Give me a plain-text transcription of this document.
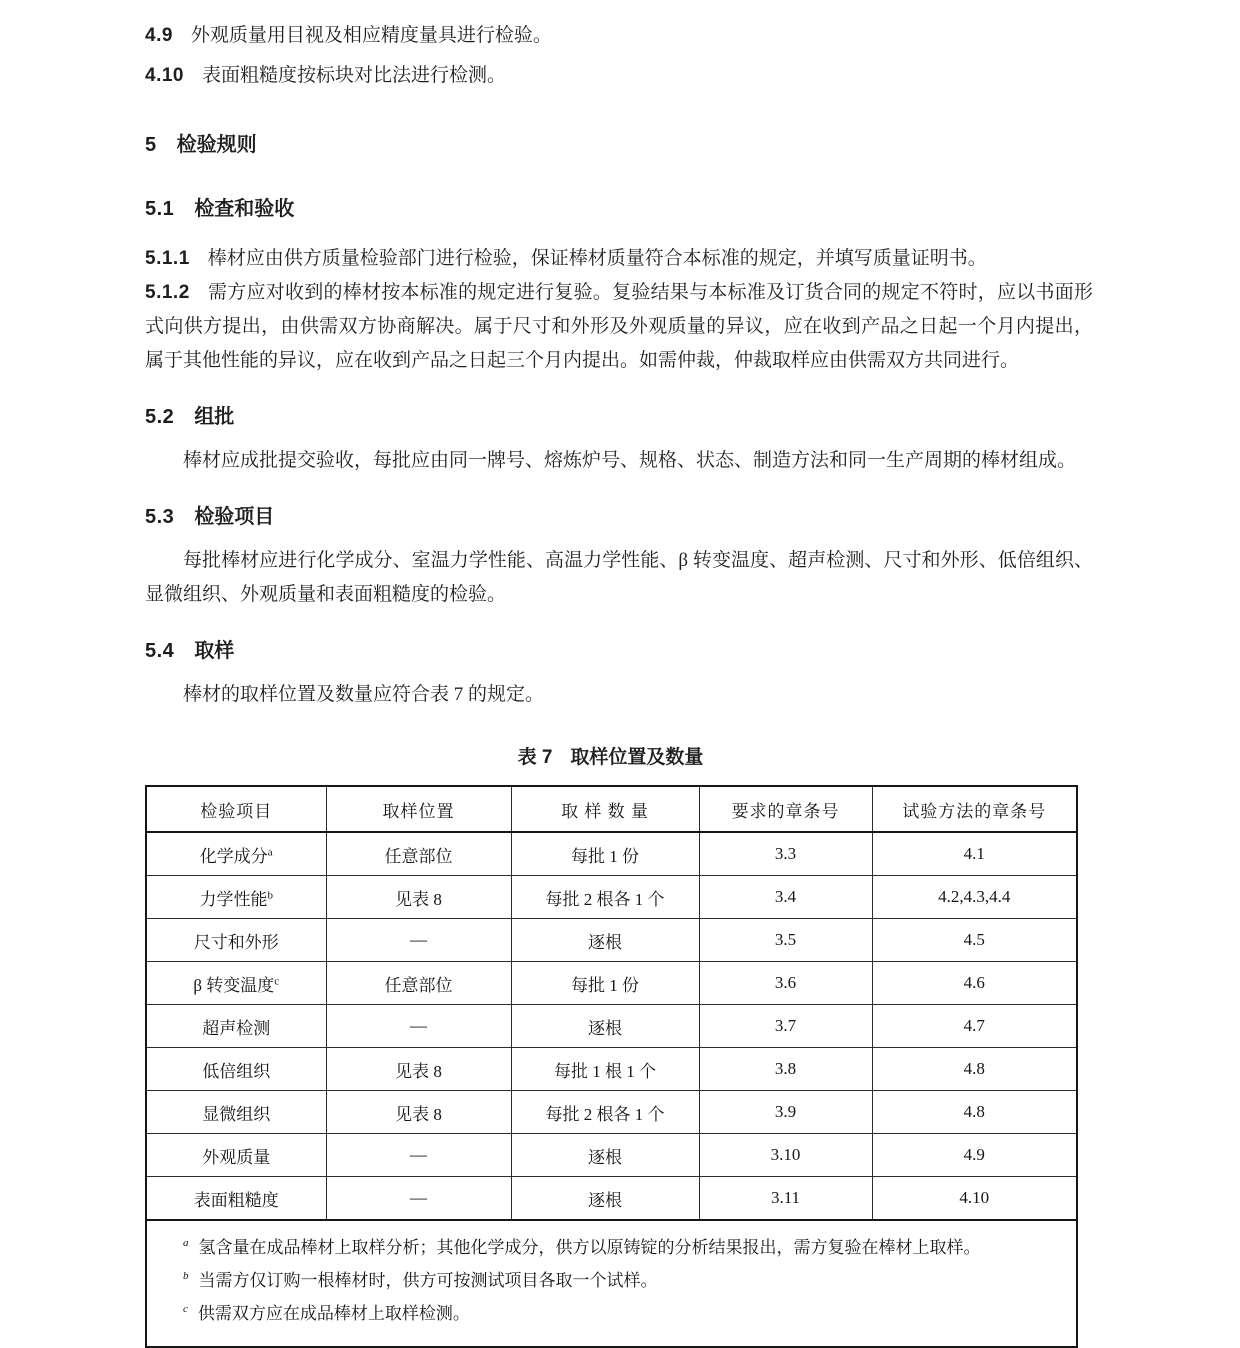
4.9 外观质量用目视及相应精度量具进行检验。

4.10 表面粗糙度按标块对比法进行检测。

5 检验规则

5.1 检查和验收

5.1.1 棒材应由供方质量检验部门进行检验，保证棒材质量符合本标准的规定，并填写质量证明书。

5.1.2 需方应对收到的棒材按本标准的规定进行复验。复验结果与本标准及订货合同的规定不符时，应以书面形式向供方提出，由供需双方协商解决。属于尺寸和外形及外观质量的异议，应在收到产品之日起一个月内提出，属于其他性能的异议，应在收到产品之日起三个月内提出。如需仲裁，仲裁取样应由供需双方共同进行。

5.2 组批

棒材应成批提交验收，每批应由同一牌号、熔炼炉号、规格、状态、制造方法和同一生产周期的棒材组成。

5.3 检验项目

每批棒材应进行化学成分、室温力学性能、高温力学性能、β 转变温度、超声检测、尺寸和外形、低倍组织、显微组织、外观质量和表面粗糙度的检验。

5.4 取样

棒材的取样位置及数量应符合表 7 的规定。

表 7 取样位置及数量
检验项目	取样位置	取 样 数 量	要求的章条号	试验方法的章条号
化学成分$^a$	任意部位	每批 1 份	3.3	4.1
力学性能$^b$	见表 8	每批 2 根各 1 个	3.4	4.2,4.3,4.4
尺寸和外形	—	逐根	3.5	4.5
β 转变温度$^c$	任意部位	每批 1 份	3.6	4.6
超声检测	—	逐根	3.7	4.7
低倍组织	见表 8	每批 1 根 1 个	3.8	4.8
显微组织	见表 8	每批 2 根各 1 个	3.9	4.8
外观质量	—	逐根	3.10	4.9
表面粗糙度	—	逐根	3.11	4.10

$^a$ 氢含量在成品棒材上取样分析；其他化学成分，供方以原铸锭的分析结果报出，需方复验在棒材上取样。
$^b$ 当需方仅订购一根棒材时，供方可按测试项目各取一个试样。
$^c$ 供需双方应在成品棒材上取样检测。				
